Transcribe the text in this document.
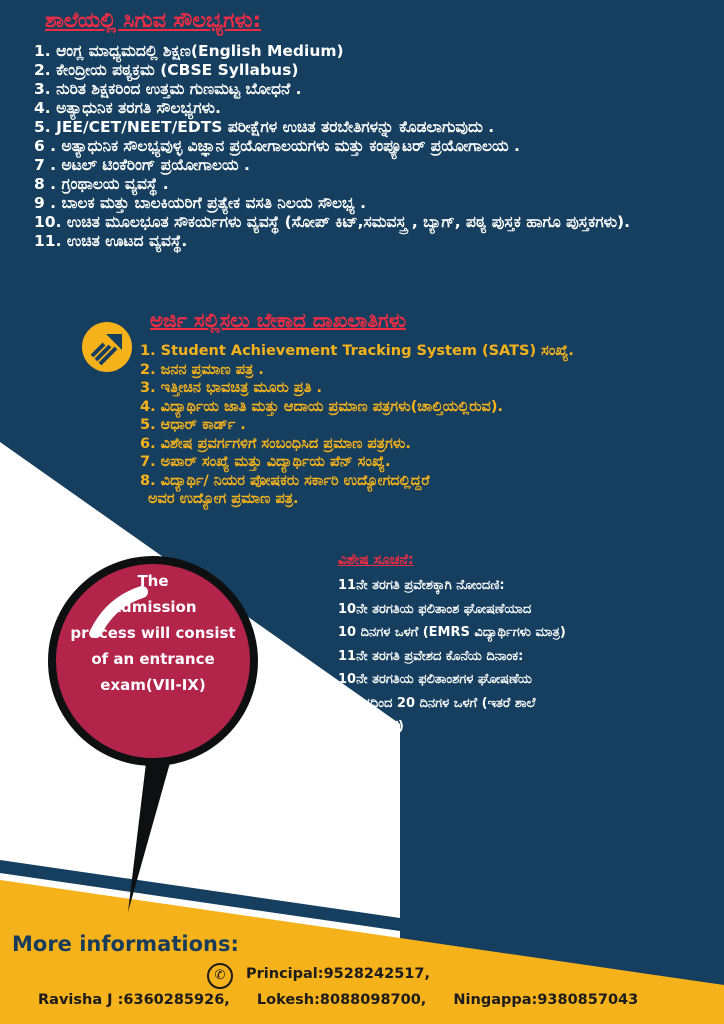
ಶಾಲೆಯಲ್ಲಿ ಸಿಗುವ ಸೌಲಭ್ಯಗಳು:
1. ಆಂಗ್ಲ ಮಾಧ್ಯಮದಲ್ಲಿ ಶಿಕ್ಷಣ(English Medium)
2. ಕೇಂದ್ರೀಯ ಪಠ್ಯಕ್ರಮ (CBSE Syllabus)
3. ನುರಿತ ಶಿಕ್ಷಕರಿಂದ ಉತ್ತಮ ಗುಣಮಟ್ಟ ಬೋಧನೆ .
4. ಅತ್ಯಾಧುನಿಕ ತರಗತಿ ಸೌಲಭ್ಯಗಳು.
5. JEE/CET/NEET/EDTS ಪರೀಕ್ಷೆಗಳ ಉಚಿತ ತರಬೇತಿಗಳನ್ನು ಕೊಡಲಾಗುವುದು .
6 . ಅತ್ಯಾಧುನಿಕ ಸೌಲಭ್ಯವುಳ್ಳ ವಿಜ್ಞಾನ ಪ್ರಯೋಗಾಲಯಗಳು ಮತ್ತು ಕಂಪ್ಯೂಟರ್ ಪ್ರಯೋಗಾಲಯ .
7 . ಅಟಲ್ ಟಿಂಕೆರಿಂಗ್ ಪ್ರಯೋಗಾಲಯ .
8 . ಗ್ರಂಥಾಲಯ ವ್ಯವಸ್ಥೆ .
9 . ಬಾಲಕ ಮತ್ತು ಬಾಲಕಿಯರಿಗೆ ಪ್ರತ್ಯೇಕ ವಸತಿ ನಿಲಯ ಸೌಲಭ್ಯ .
10. ಉಚಿತ ಮೂಲಭೂತ ಸೌಕರ್ಯಗಳು ವ್ಯವಸ್ಥೆ (ಸೋಪ್ ಕಿಟ್,ಸಮವಸ್ತ್ರ , ಬ್ಯಾಗ್, ಪಠ್ಯ ಪುಸ್ತಕ ಹಾಗೂ ಪುಸ್ತಕಗಳು).
11. ಉಚಿತ ಊಟದ ವ್ಯವಸ್ಥೆ.
ಅರ್ಜಿ ಸಲ್ಲಿಸಲು ಬೇಕಾದ ದಾಖಲಾತಿಗಳು
1. Student Achievement Tracking System (SATS) ಸಂಖ್ಯೆ.
2. ಜನನ ಪ್ರಮಾಣ ಪತ್ರ .
3. ಇತ್ತೀಚಿನ ಭಾವಚಿತ್ರ ಮೂರು ಪ್ರತಿ .
4. ವಿದ್ಯಾರ್ಥಿಯ ಜಾತಿ ಮತ್ತು ಆದಾಯ ಪ್ರಮಾಣ ಪತ್ರಗಳು(ಚಾಲ್ತಿಯಲ್ಲಿರುವ).
5. ಆಧಾರ್ ಕಾರ್ಡ್ .
6. ವಿಶೇಷ ಪ್ರವರ್ಗಗಳಿಗೆ ಸಂಬಂಧಿಸಿದ ಪ್ರಮಾಣ ಪತ್ರಗಳು.
7. ಅಪಾರ್ ಸಂಖ್ಯೆ ಮತ್ತು ವಿದ್ಯಾರ್ಥಿಯ ಪೆನ್ ಸಂಖ್ಯೆ.
8. ವಿದ್ಯಾರ್ಥಿ/ ನಿಯರ ಪೋಷಕರು ಸರ್ಕಾರಿ ಉದ್ಯೋಗದಲ್ಲಿದ್ದರೆ
ಅವರ ಉದ್ಯೋಗ ಪ್ರಮಾಣ ಪತ್ರ.
ವಿಶೇಷ ಸೂಚನೆ:
11ನೇ ತರಗತಿ ಪ್ರವೇಶಕ್ಕಾಗಿ ನೋಂದಣಿ:
10ನೇ ತರಗತಿಯ ಫಲಿತಾಂಶ ಘೋಷಣೆಯಾದ
10 ದಿನಗಳ ಒಳಗೆ (EMRS ವಿದ್ಯಾರ್ಥಿಗಳು ಮಾತ್ರ)
11ನೇ ತರಗತಿ ಪ್ರವೇಶದ ಕೊನೆಯ ದಿನಾಂಕ:
10ನೇ ತರಗತಿಯ ಫಲಿತಾಂಶಗಳ ಘೋಷಣೆಯ
ದಿನಾಂಕದಿಂದ 20 ದಿನಗಳ ಒಳಗೆ (ಇತರೆ ಶಾಲೆ
ವಿದ್ಯಾರ್ಥಿಗಳಿಗೆ)
The
Admission
process will consist
of an entrance
exam(VII-IX)
More informations:
✆	Principal:9528242517,
Ravisha J :6360285926, Lokesh:8088098700, Ningappa:9380857043
